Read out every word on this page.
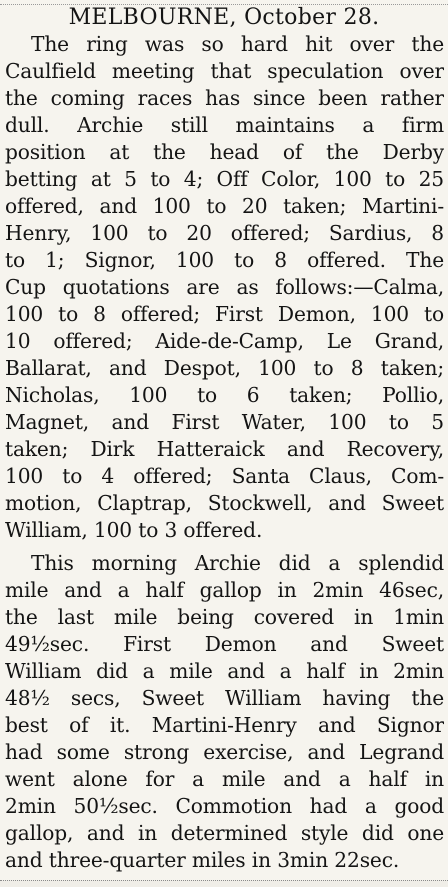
MELBOURNE, October 28.
The ring was so hard hit over the
Caulfield meeting that speculation over
the coming races has since been rather
dull. Archie still maintains a firm
position at the head of the Derby
betting at 5 to 4; Off Color, 100 to 25
offered, and 100 to 20 taken; Martini-
Henry, 100 to 20 offered; Sardius, 8
to 1; Signor, 100 to 8 offered. The
Cup quotations are as follows:—Calma,
100 to 8 offered; First Demon, 100 to
10 offered; Aide-de-Camp, Le Grand,
Ballarat, and Despot, 100 to 8 taken;
Nicholas, 100 to 6 taken; Pollio,
Magnet, and First Water, 100 to 5
taken; Dirk Hatteraick and Recovery,
100 to 4 offered; Santa Claus, Com-
motion, Claptrap, Stockwell, and Sweet
William, 100 to 3 offered.
This morning Archie did a splendid
mile and a half gallop in 2min 46sec,
the last mile being covered in 1min
49½sec. First Demon and Sweet
William did a mile and a half in 2min
48½ secs, Sweet William having the
best of it. Martini-Henry and Signor
had some strong exercise, and Legrand
went alone for a mile and a half in
2min 50½sec. Commotion had a good
gallop, and in determined style did one
and three-quarter miles in 3min 22sec.
